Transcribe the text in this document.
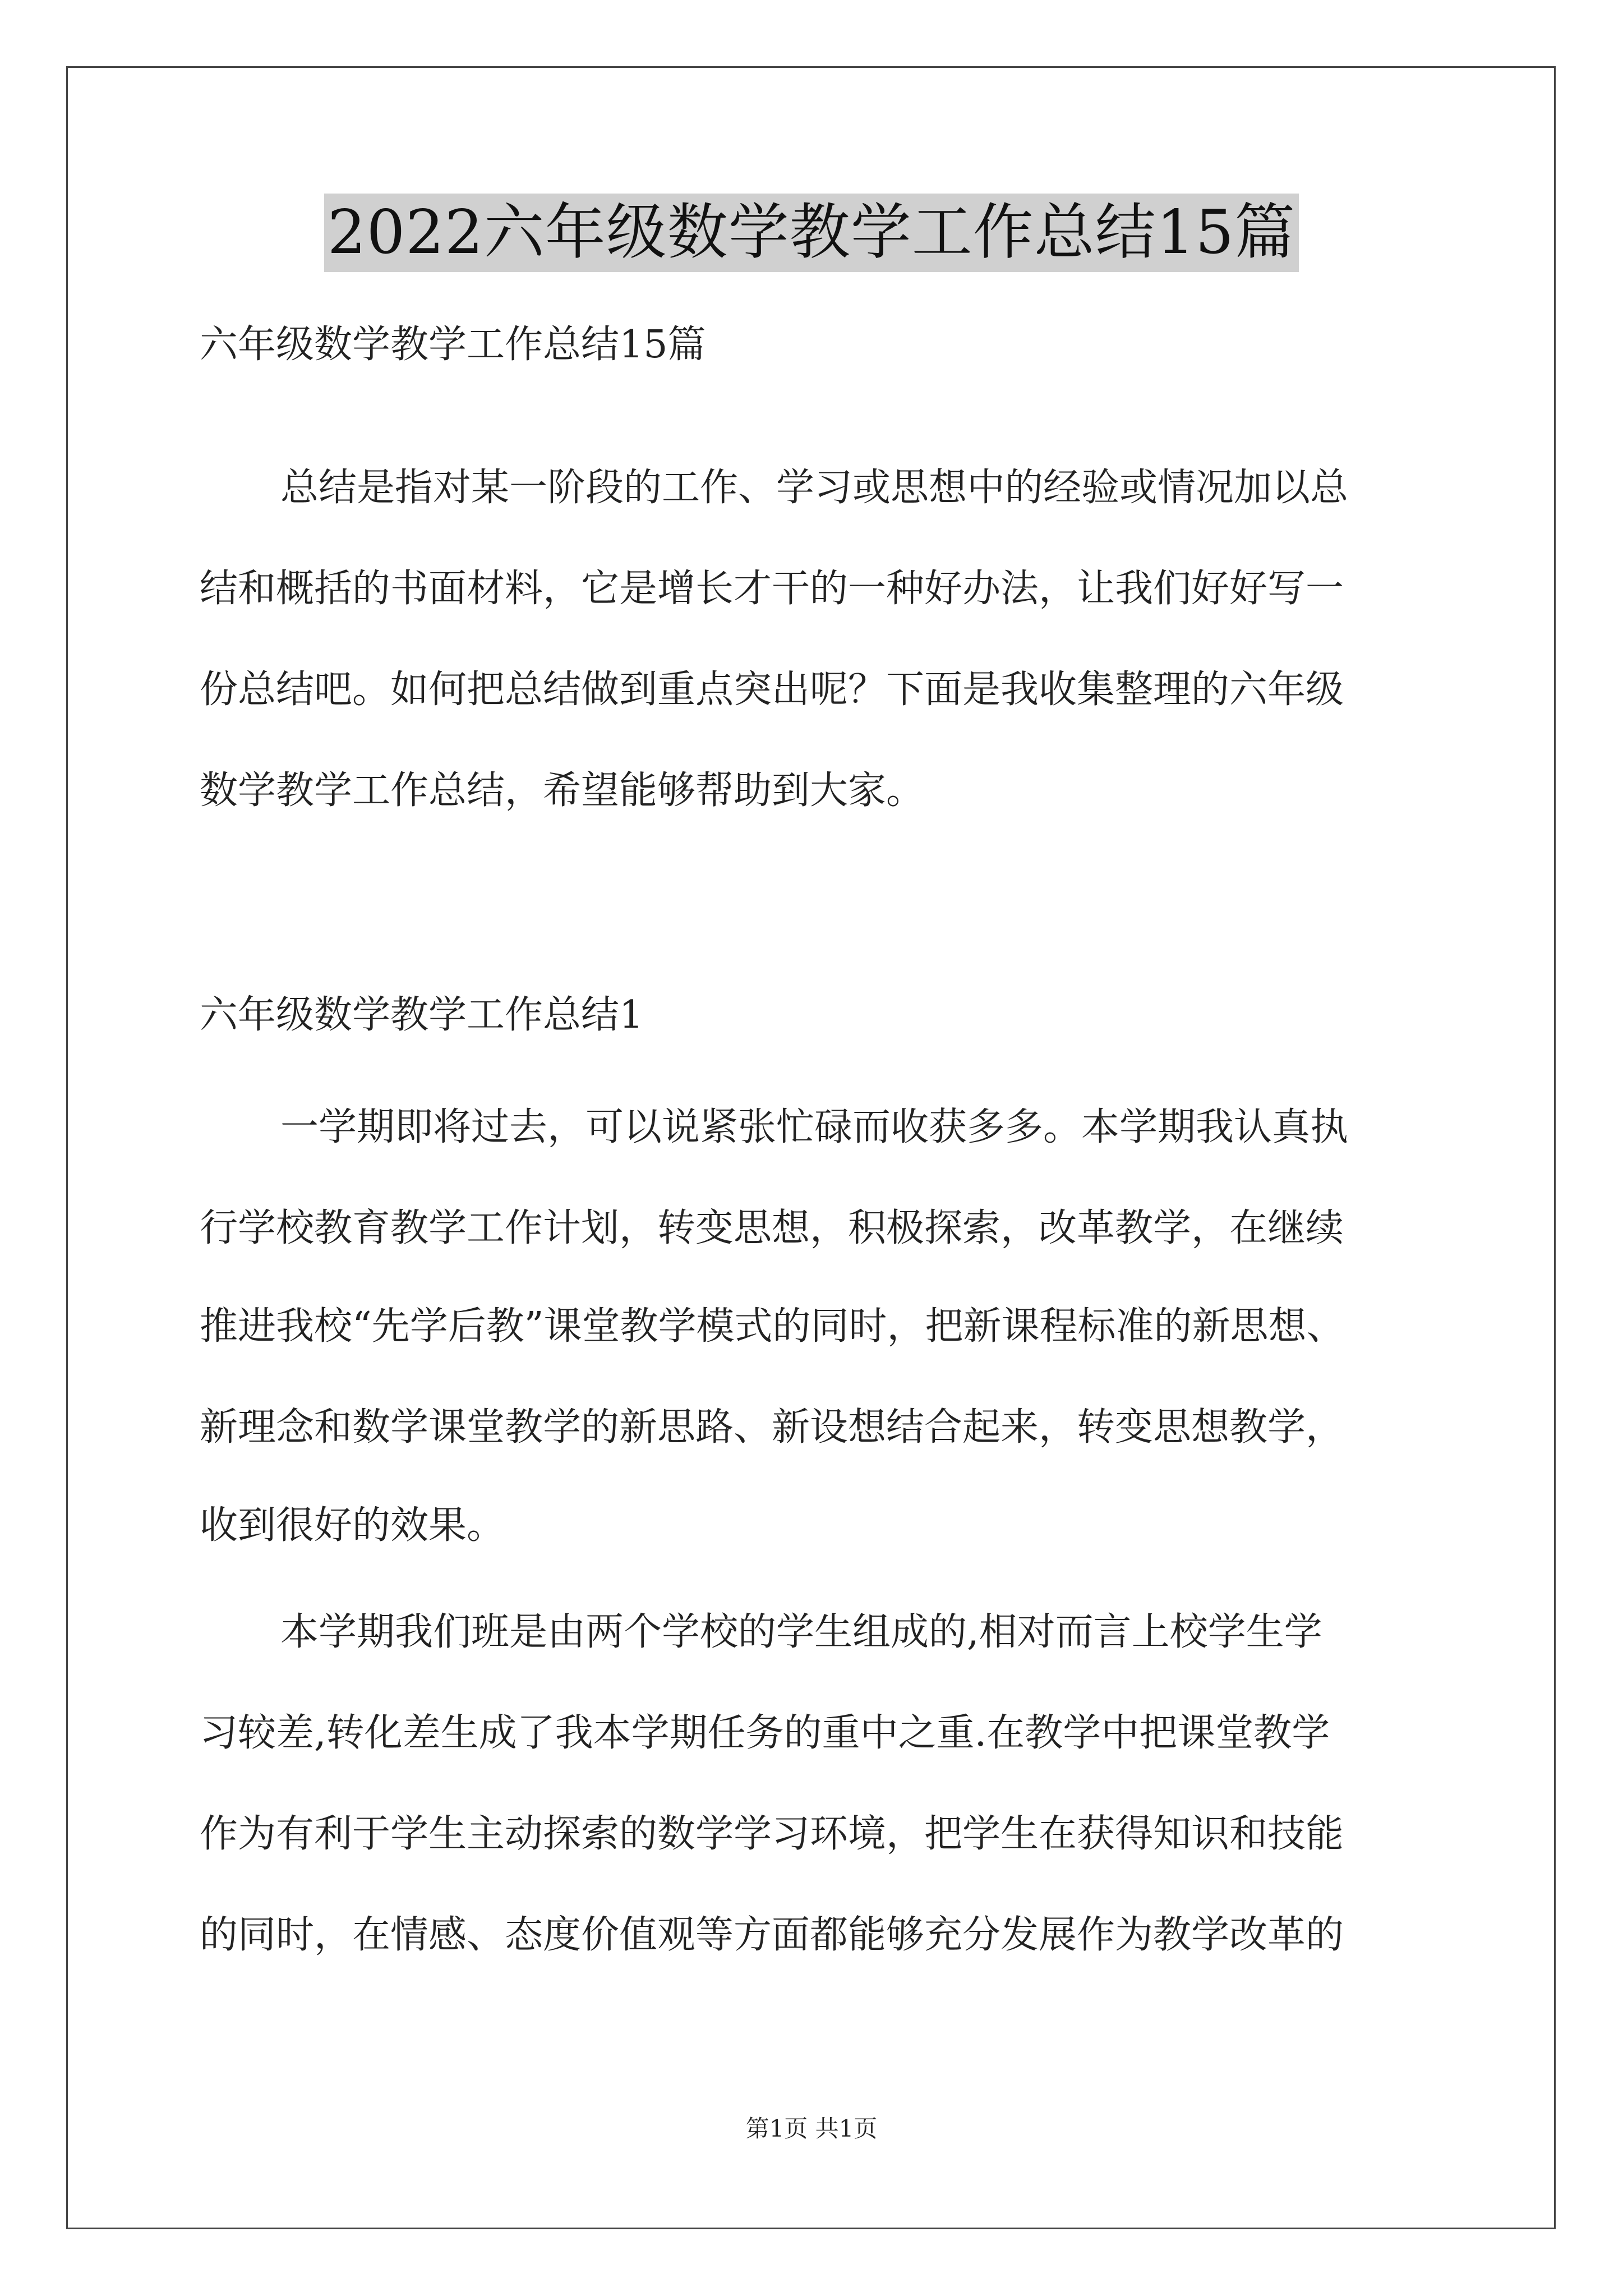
2022六年级数学教学工作总结15篇
六年级数学教学工作总结15篇
总结是指对某一阶段的工作、学习或思想中的经验或情况加以总
结和概括的书面材料，它是增长才干的一种好办法，让我们好好写一
份总结吧。如何把总结做到重点突出呢？下面是我收集整理的六年级
数学教学工作总结，希望能够帮助到大家。
六年级数学教学工作总结1
一学期即将过去，可以说紧张忙碌而收获多多。本学期我认真执
行学校教育教学工作计划，转变思想，积极探索，改革教学，在继续
推进我校“先学后教”课堂教学模式的同时，把新课程标准的新思想、
新理念和数学课堂教学的新思路、新设想结合起来，转变思想教学，
收到很好的效果。
本学期我们班是由两个学校的学生组成的,相对而言上校学生学
习较差,转化差生成了我本学期任务的重中之重.在教学中把课堂教学
作为有利于学生主动探索的数学学习环境，把学生在获得知识和技能
的同时，在情感、态度价值观等方面都能够充分发展作为教学改革的
第1页 共1页
